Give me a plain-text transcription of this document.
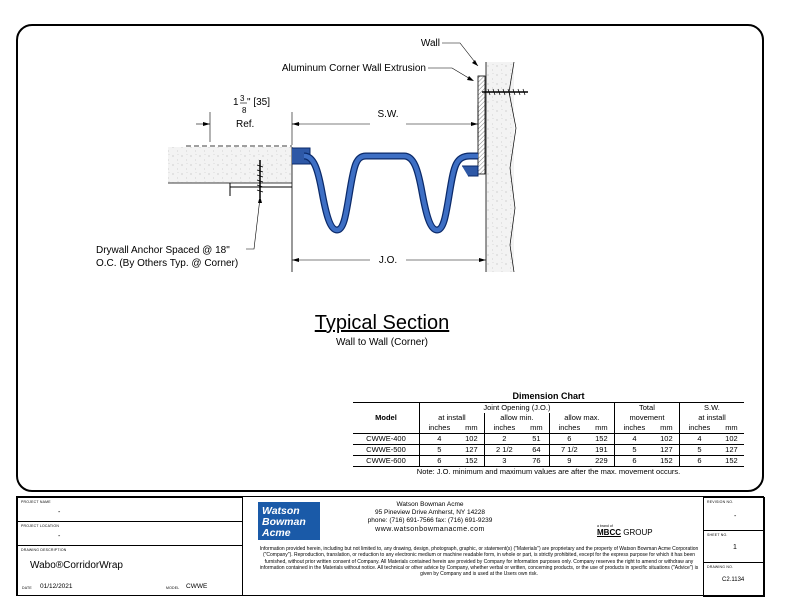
S.W.
J.O.
1 3
8
" [35]
Ref.
Wall
Aluminum Corner Wall Extrusion
Drywall Anchor Spaced @ 18"
O.C. (By Others Typ. @ Corner)
Typical Section
Wall to Wall (Corner)
Dimension Chart										
Model	Joint Opening (J.O.)						Total		S.W.	
	at install		allow min.		allow max.		movement		at install	
	inches	mm	inches	mm	inches	mm	inches	mm	inches	mm
CWWE-400	4	102	2	51	6	152	4	102	4	102
CWWE-500	5	127	2 1/2	64	7 1/2	191	5	127	5	127
CWWE-600	6	152	3	76	9	229	6	152	6	152
Note: J.O. minimum and maximum values are after the max. movement occurs.										
PROJECT NAME
-
PROJECT LOCATION
-
DRAWING DESCRIPTION
Wabo®CorridorWrap
DATE 01/12/2021	MODEL CWWE
REVISION NO.
-
SHEET NO.
1
DRAWING NO.
C2.1134
Watson
Bowman
Acme
Watson Bowman Acme
95 Pineview Drive Amherst, NY 14228
phone: (716) 691-7566 fax: (716) 691-9239
www.watsonbowmanacme.com	a brand of
MBCC GROUP
Information provided herein, including but not limited to, any drawing, design, photograph, graphic, or statement(s) ("Materials") are proprietary and the property of Watson Bowman Acme Corporation ("Company"). Reproduction, translation, or reduction to any electronic medium or machine readable form, in whole or part, is strictly prohibited, except for the express purpose for which it has been furnished, without prior written consent of Company. All Materials contained herein are provided by Company for information purposes only. Company reserves the right to amend or withdraw any information contained in the Materials without notice. All technical or other advice by Company, whether verbal or written, concerning products, or the use of products in specific situations ("Advice") is given by Company and is used at the Users own risk.
